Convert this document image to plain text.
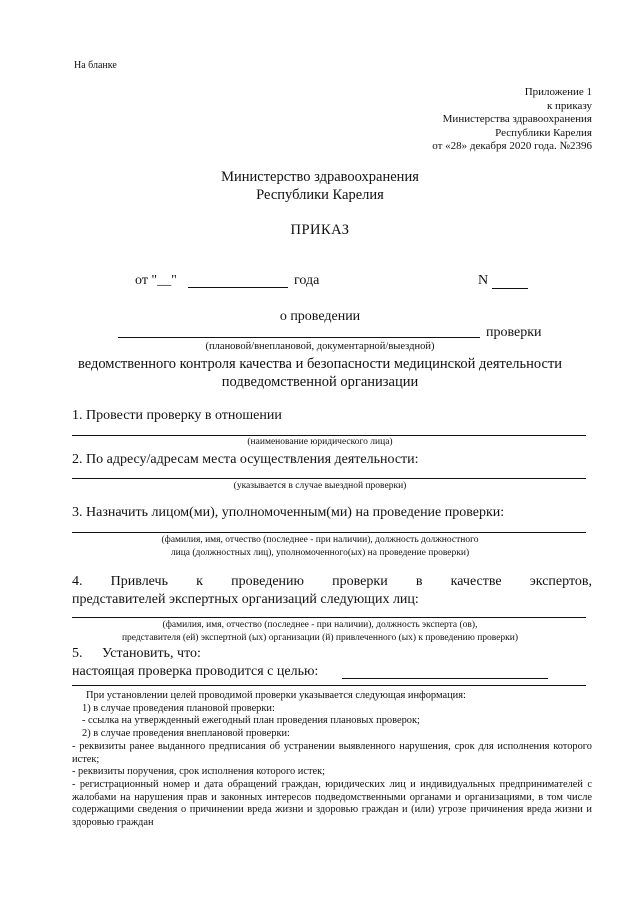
На бланке
Приложение 1
к приказу
Министерства здравоохранения
Республики Карелия
от «28» декабря 2020 года. №2396
Министерство здравоохранения
Республики Карелия
ПРИКАЗ
от "__"	года	N
о проведении
проверки
(плановой/внеплановой, документарной/выездной)
ведомственного контроля качества и безопасности медицинской деятельности
подведомственной организации
1. Провести проверку в отношении
(наименование юридического лица)
2. По адресу/адресам места осуществления деятельности:
(указывается в случае выездной проверки)
3. Назначить лицом(ми), уполномоченным(ми) на проведение проверки:
(фамилия, имя, отчество (последнее - при наличии), должность должностного
лица (должностных лиц), уполномоченного(ых) на проведение проверки)
4. Привлечь к проведению проверки в качестве экспертов,
представителей экспертных организаций следующих лиц:
(фамилия, имя, отчество (последнее - при наличии), должность эксперта (ов),
представителя (ей) экспертной (ых) организации (й) привлеченного (ых) к проведению проверки)
5. Установить, что:
настоящая проверка проводится с целью:
При установлении целей проводимой проверки указывается следующая информация:
1) в случае проведения плановой проверки:
- ссылка на утвержденный ежегодный план проведения плановых проверок;
2) в случае проведения внеплановой проверки:
- реквизиты ранее выданного предписания об устранении выявленного нарушения, срок для исполнения которого истек;
- реквизиты поручения, срок исполнения которого истек;
- регистрационный номер и дата обращений граждан, юридических лиц и индивидуальных предпринимателей с жалобами на нарушения прав и законных интересов подведомственными органами и организациями, в том числе содержащими сведения о причинении вреда жизни и здоровью граждан и (или) угрозе причинения вреда жизни и здоровью граждан
